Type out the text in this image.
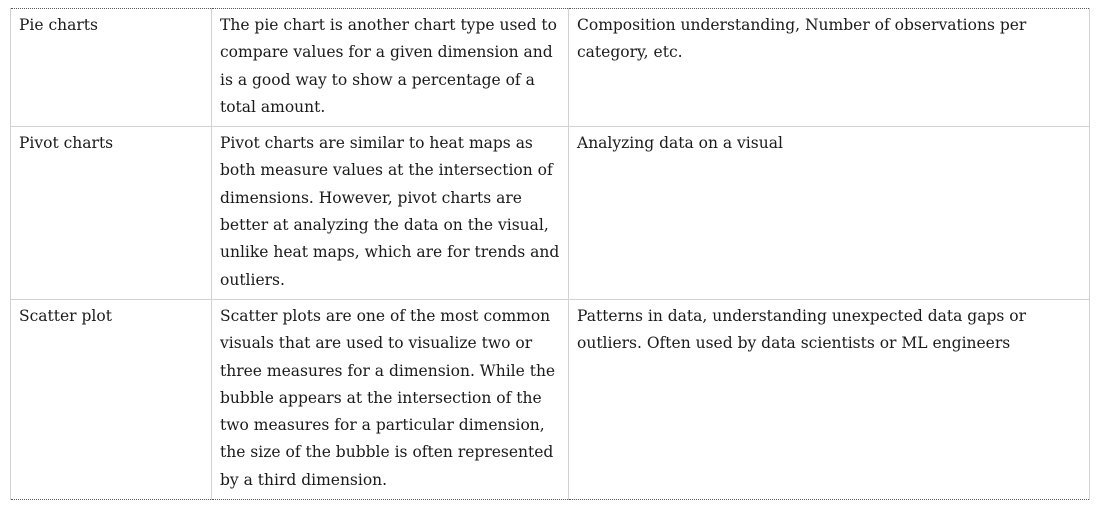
Pie charts	The pie chart is another chart type used to compare values for a given dimension and is a good way to show a percentage of a total amount.	Composition understanding, Number of observations per category, etc.
Pivot charts	Pivot charts are similar to heat maps as both measure values at the intersection of dimensions. However, pivot charts are better at analyzing the data on the visual, unlike heat maps, which are for trends and outliers.	Analyzing data on a visual
Scatter plot	Scatter plots are one of the most common visuals that are used to visualize two or three measures for a dimension. While the bubble appears at the intersection of the two measures for a particular dimension, the size of the bubble is often represented by a third dimension.	Patterns in data, understanding unexpected data gaps or outliers. Often used by data scientists or ML engineers
